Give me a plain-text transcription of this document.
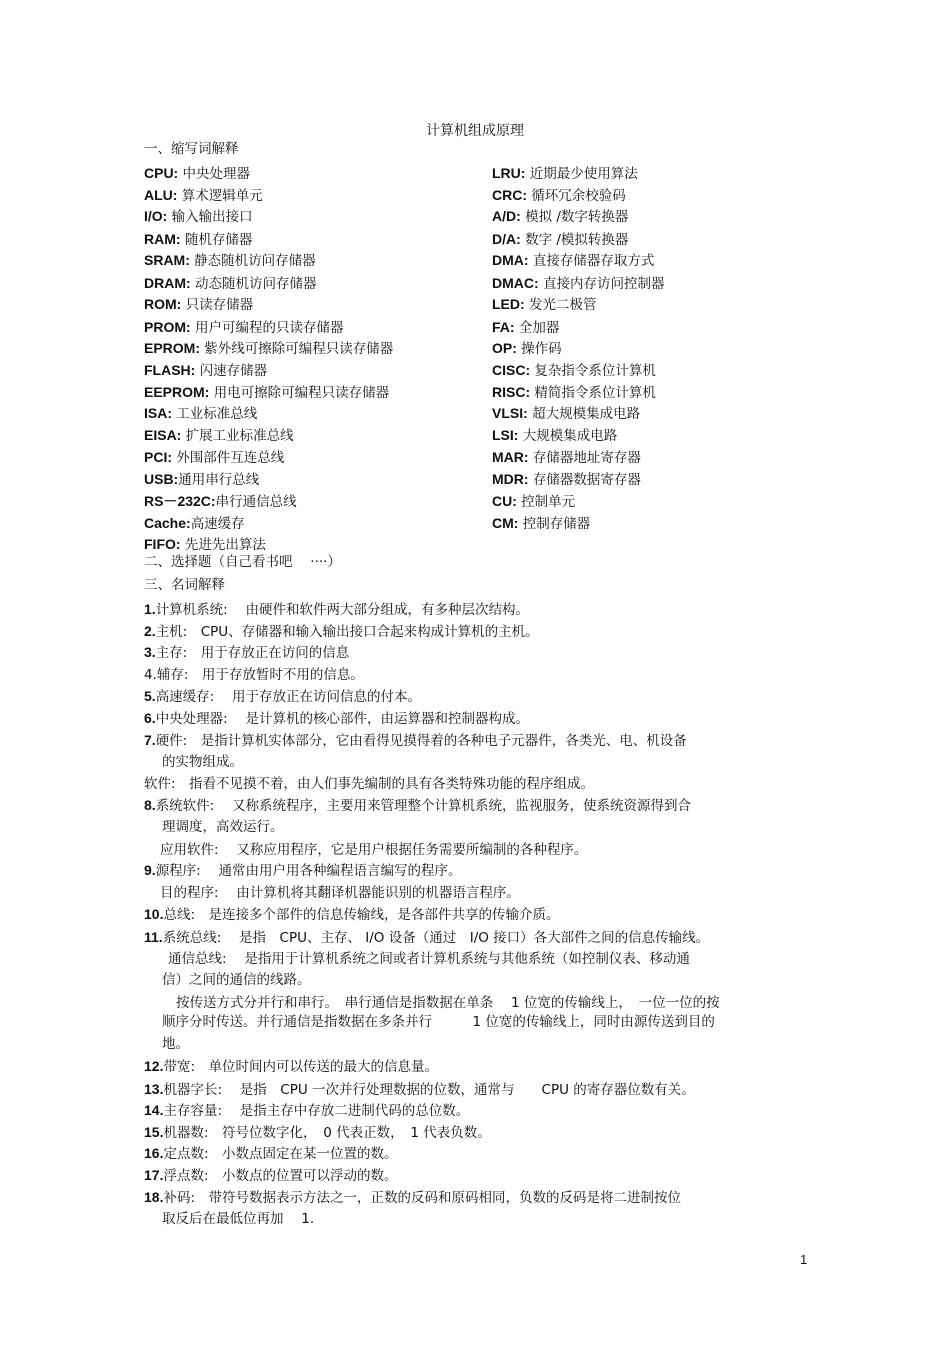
计算机组成原理
一、缩写词解释
CPU: 中央处理器
ALU: 算术逻辑单元
I/O: 输入输出接口
RAM: 随机存储器
SRAM: 静态随机访问存储器
DRAM: 动态随机访问存储器
ROM: 只读存储器
PROM: 用户可编程的只读存储器
EPROM: 紫外线可擦除可编程只读存储器
FLASH: 闪速存储器
EEPROM: 用电可擦除可编程只读存储器
ISA: 工业标准总线
EISA: 扩展工业标准总线
PCI: 外围部件互连总线
USB:通用串行总线
RS－232C:串行通信总线
Cache:高速缓存
FIFO: 先进先出算法
LRU: 近期最少使用算法
CRC: 循环冗余校验码
A/D: 模拟 /数字转换器
D/A: 数字 /模拟转换器
DMA: 直接存储器存取方式
DMAC: 直接内存访问控制器
LED: 发光二极管
FA: 全加器
OP: 操作码
CISC: 复杂指令系位计算机
RISC: 精简指令系位计算机
VLSI: 超大规模集成电路
LSI: 大规模集成电路
MAR: 存储器地址寄存器
MDR: 存储器数据寄存器
CU: 控制单元
CM: 控制存储器
二、选择题（自己看书吧　 ····）
三、名词解释
1.计算机系统:　 由硬件和软件两大部分组成，有多种层次结构。
2.主机:　CPU、存储器和输入输出接口合起来构成计算机的主机。
3.主存:　用于存放正在访问的信息
4.辅存:　用于存放暂时不用的信息。
5.高速缓存:　 用于存放正在访问信息的付本。
6.中央处理器:　 是计算机的核心部件，由运算器和控制器构成。
7.硬件:　是指计算机实体部分，它由看得见摸得着的各种电子元器件，各类光、电、机设备
的实物组成。
软件:　指看不见摸不着，由人们事先编制的具有各类特殊功能的程序组成。
8.系统软件:　 又称系统程序，主要用来管理整个计算机系统，监视服务，使系统资源得到合
理调度，高效运行。
应用软件:　 又称应用程序，它是用户根据任务需要所编制的各种程序。
9.源程序:　 通常由用户用各种编程语言编写的程序。
目的程序:　 由计算机将其翻译机器能识别的机器语言程序。
10.总线:　是连接多个部件的信息传输线，是各部件共享的传输介质。
11.系统总线:　 是指　CPU、主存、 I/O 设备（通过　I/O 接口）各大部件之间的信息传输线。
通信总线:　 是指用于计算机系统之间或者计算机系统与其他系统（如控制仪表、移动通
信）之间的通信的线路。
按传送方式分并行和串行。　串行通信是指数据在单条　 1 位宽的传输线上，　一位一位的按
顺序分时传送。并行通信是指数据在多条并行　　　1 位宽的传输线上，同时由源传送到目的
地。
12.带宽:　单位时间内可以传送的最大的信息量。
13.机器字长:　 是指　CPU 一次并行处理数据的位数，通常与　　CPU 的寄存器位数有关。
14.主存容量:　 是指主存中存放二进制代码的总位数。
15.机器数:　符号位数字化，　0 代表正数，　1 代表负数。
16.定点数:　小数点固定在某一位置的数。
17.浮点数:　小数点的位置可以浮动的数。
18.补码:　带符号数据表示方法之一，正数的反码和原码相同，负数的反码是将二进制按位
取反后在最低位再加　 1.
1
